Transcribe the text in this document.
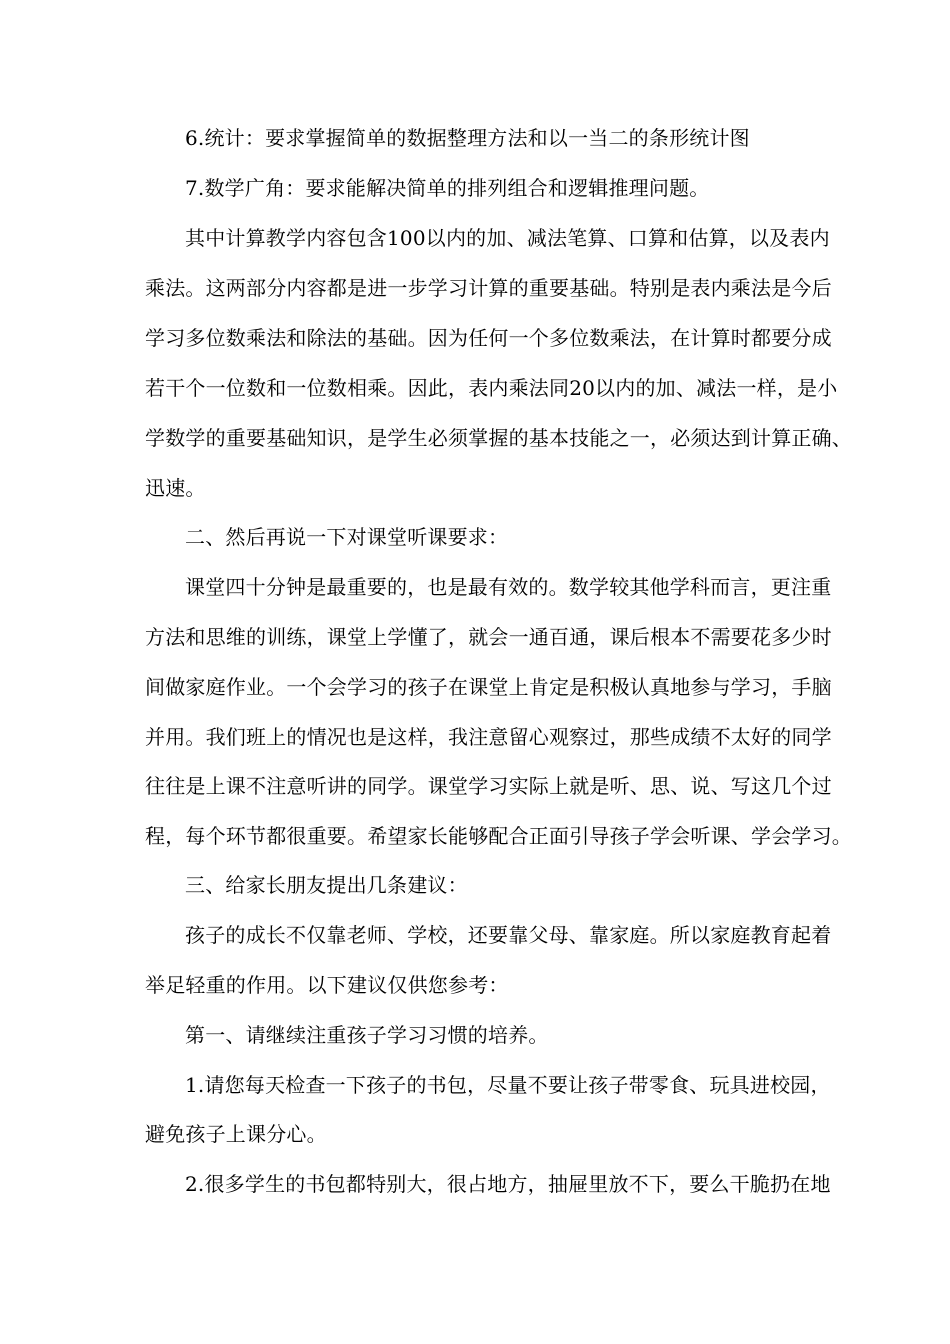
6.统计：要求掌握简单的数据整理方法和以一当二的条形统计图
7.数学广角：要求能解决简单的排列组合和逻辑推理问题。
其中计算教学内容包含100以内的加、减法笔算、口算和估算，以及表内
乘法。这两部分内容都是进一步学习计算的重要基础。特别是表内乘法是今后
学习多位数乘法和除法的基础。因为任何一个多位数乘法，在计算时都要分成
若干个一位数和一位数相乘。因此，表内乘法同20以内的加、减法一样，是小
学数学的重要基础知识，是学生必须掌握的基本技能之一，必须达到计算正确、
迅速。
二、然后再说一下对课堂听课要求：
课堂四十分钟是最重要的，也是最有效的。数学较其他学科而言，更注重
方法和思维的训练，课堂上学懂了，就会一通百通，课后根本不需要花多少时
间做家庭作业。一个会学习的孩子在课堂上肯定是积极认真地参与学习，手脑
并用。我们班上的情况也是这样，我注意留心观察过，那些成绩不太好的同学
往往是上课不注意听讲的同学。课堂学习实际上就是听、思、说、写这几个过
程，每个环节都很重要。希望家长能够配合正面引导孩子学会听课、学会学习。
三、给家长朋友提出几条建议：
孩子的成长不仅靠老师、学校，还要靠父母、靠家庭。所以家庭教育起着
举足轻重的作用。以下建议仅供您参考：
第一、请继续注重孩子学习习惯的培养。
1.请您每天检查一下孩子的书包，尽量不要让孩子带零食、玩具进校园，
避免孩子上课分心。
2.很多学生的书包都特别大，很占地方，抽屉里放不下，要么干脆扔在地
